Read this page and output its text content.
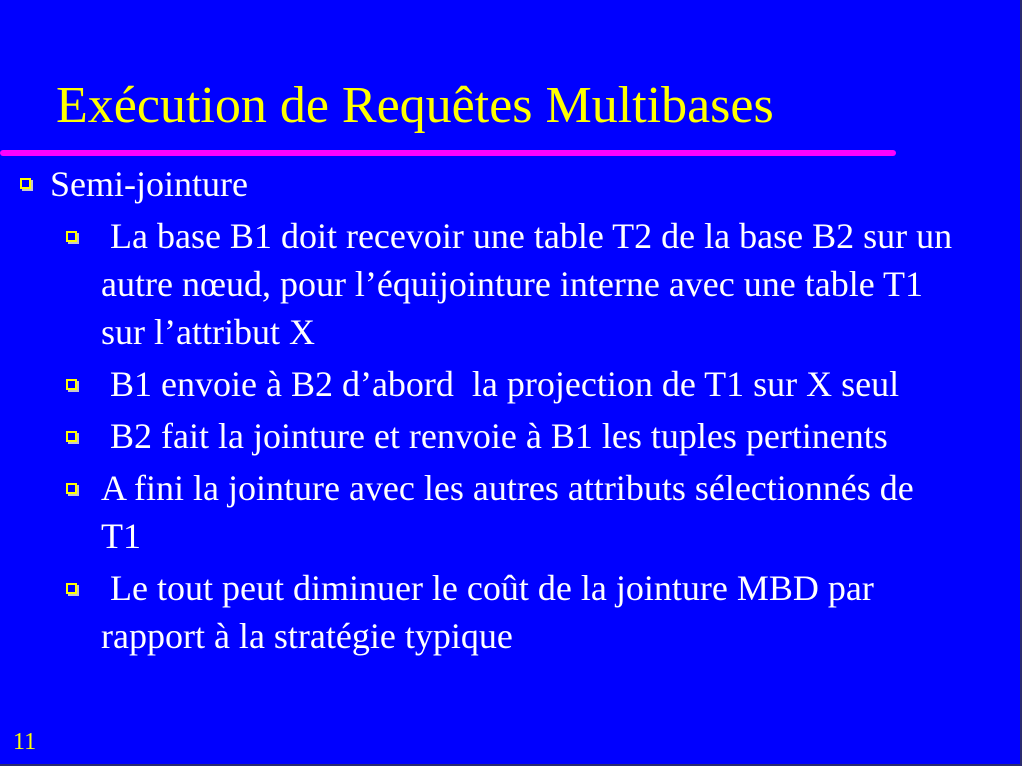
Exécution de Requêtes Multibases
Semi-jointure
La base B1 doit recevoir une table T2 de la base B2 sur un autre nœud, pour l’équijointure interne avec une table T1 sur l’attribut X
B1 envoie à B2 d’abord  la projection de T1 sur X seul
B2 fait la jointure et renvoie à B1 les tuples pertinents
A fini la jointure avec les autres attributs sélectionnés de T1
Le tout peut diminuer le coût de la jointure MBD par rapport à la stratégie typique
11
